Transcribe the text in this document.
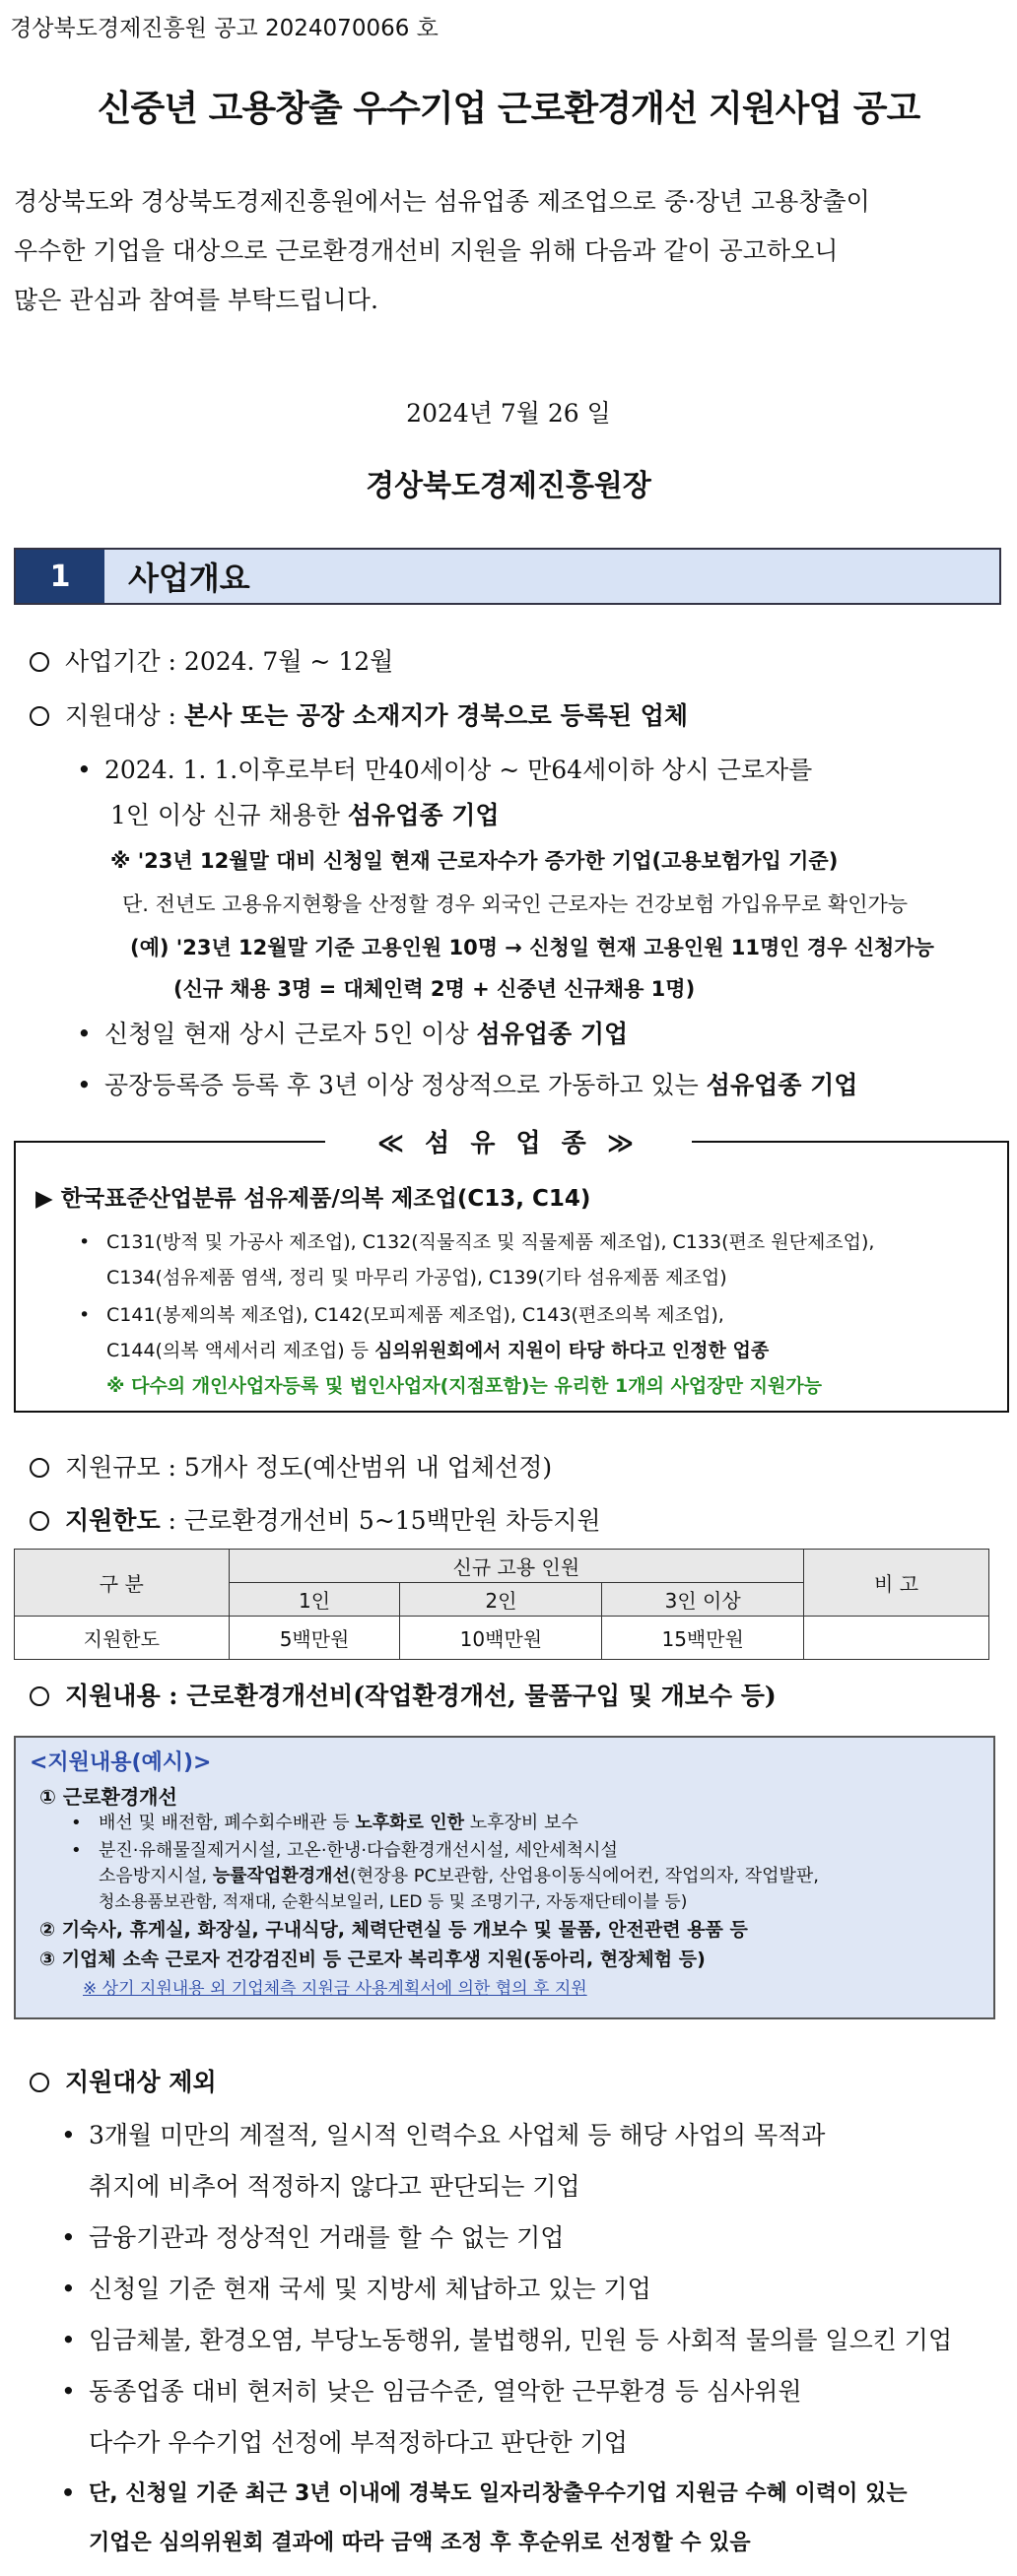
경상북도경제진흥원 공고 2024070066 호
신중년 고용창출 우수기업 근로환경개선 지원사업 공고
경상북도와 경상북도경제진흥원에서는 섬유업종 제조업으로 중·장년 고용창출이
우수한 기업을 대상으로 근로환경개선비 지원을 위해 다음과 같이 공고하오니
많은 관심과 참여를 부탁드립니다.
2024년 7월 26 일
경상북도경제진흥원장
1	사업개요
사업기간 : 2024. 7월 ~ 12월
지원대상 : 본사 또는 공장 소재지가 경북으로 등록된 업체
• 2024. 1. 1.이후로부터 만40세이상 ~ 만64세이하 상시 근로자를
1인 이상 신규 채용한 섬유업종 기업
※ '23년 12월말 대비 신청일 현재 근로자수가 증가한 기업(고용보험가입 기준)
단. 전년도 고용유지현황을 산정할 경우 외국인 근로자는 건강보험 가입유무로 확인가능
(예) '23년 12월말 기준 고용인원 10명 → 신청일 현재 고용인원 11명인 경우 신청가능
(신규 채용 3명 = 대체인력 2명 + 신중년 신규채용 1명)
• 신청일 현재 상시 근로자 5인 이상 섬유업종 기업
• 공장등록증 등록 후 3년 이상 정상적으로 가동하고 있는 섬유업종 기업
≪ 섬 유 업 종 ≫
▶ 한국표준산업분류 섬유제품/의복 제조업(C13, C14)
• C131(방적 및 가공사 제조업), C132(직물직조 및 직물제품 제조업), C133(편조 원단제조업),
C134(섬유제품 염색, 정리 및 마무리 가공업), C139(기타 섬유제품 제조업)
• C141(봉제의복 제조업), C142(모피제품 제조업), C143(편조의복 제조업),
C144(의복 액세서리 제조업) 등 심의위원회에서 지원이 타당 하다고 인정한 업종
※ 다수의 개인사업자등록 및 법인사업자(지점포함)는 유리한 1개의 사업장만 지원가능
지원규모 : 5개사 정도(예산범위 내 업체선정)
지원한도 : 근로환경개선비 5~15백만원 차등지원
구 분	신규 고용 인원			비 고
	1인	2인	3인 이상	
지원한도	5백만원	10백만원	15백만원	
지원내용 : 근로환경개선비(작업환경개선, 물품구입 및 개보수 등)
<지원내용(예시)>
① 근로환경개선
• 배선 및 배전함, 폐수회수배관 등 노후화로 인한 노후장비 보수
• 분진·유해물질제거시설, 고온·한냉·다습환경개선시설, 세안세척시설
소음방지시설, 능률작업환경개선(현장용 PC보관함, 산업용이동식에어컨, 작업의자, 작업발판,
청소용품보관함, 적재대, 순환식보일러, LED 등 및 조명기구, 자동재단테이블 등)
② 기숙사, 휴게실, 화장실, 구내식당, 체력단련실 등 개보수 및 물품, 안전관련 용품 등
③ 기업체 소속 근로자 건강검진비 등 근로자 복리후생 지원(동아리, 현장체험 등)
※ 상기 지원내용 외 기업체측 지원금 사용계획서에 의한 협의 후 지원
지원대상 제외
• 3개월 미만의 계절적, 일시적 인력수요 사업체 등 해당 사업의 목적과
취지에 비추어 적정하지 않다고 판단되는 기업
• 금융기관과 정상적인 거래를 할 수 없는 기업
• 신청일 기준 현재 국세 및 지방세 체납하고 있는 기업
• 임금체불, 환경오염, 부당노동행위, 불법행위, 민원 등 사회적 물의를 일으킨 기업
• 동종업종 대비 현저히 낮은 임금수준, 열악한 근무환경 등 심사위원
다수가 우수기업 선정에 부적정하다고 판단한 기업
• 단, 신청일 기준 최근 3년 이내에 경북도 일자리창출우수기업 지원금 수혜 이력이 있는
기업은 심의위원회 결과에 따라 금액 조정 후 후순위로 선정할 수 있음
